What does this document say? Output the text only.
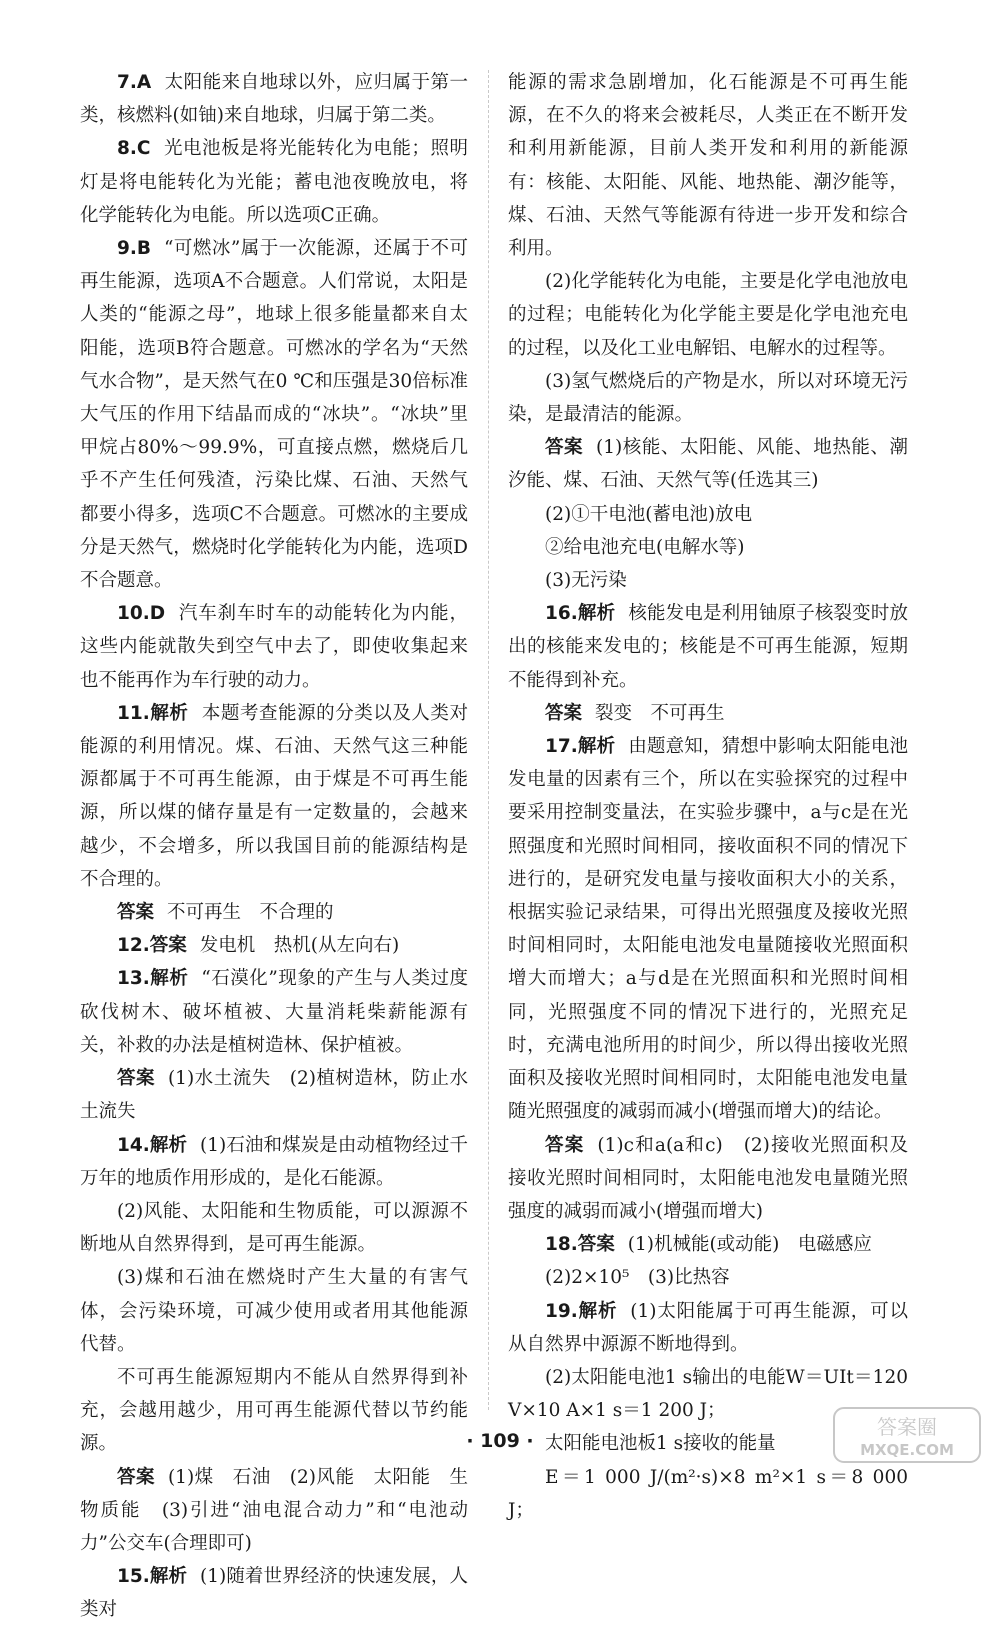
7.A 太阳能来自地球以外，应归属于第一类，核燃料(如铀)来自地球，归属于第二类。

8.C 光电池板是将光能转化为电能；照明灯是将电能转化为光能；蓄电池夜晚放电，将化学能转化为电能。所以选项C正确。

9.B “可燃冰”属于一次能源，还属于不可再生能源，选项A不合题意。人们常说，太阳是人类的“能源之母”，地球上很多能量都来自太阳能，选项B符合题意。可燃冰的学名为“天然气水合物”，是天然气在0 ℃和压强是30倍标准大气压的作用下结晶而成的“冰块”。“冰块”里甲烷占80%～99.9%，可直接点燃，燃烧后几乎不产生任何残渣，污染比煤、石油、天然气都要小得多，选项C不合题意。可燃冰的主要成分是天然气，燃烧时化学能转化为内能，选项D不合题意。

10.D 汽车刹车时车的动能转化为内能，这些内能就散失到空气中去了，即使收集起来也不能再作为车行驶的动力。

11.解析 本题考查能源的分类以及人类对能源的利用情况。煤、石油、天然气这三种能源都属于不可再生能源，由于煤是不可再生能源，所以煤的储存量是有一定数量的，会越来越少，不会增多，所以我国目前的能源结构是不合理的。

答案 不可再生　不合理的

12.答案 发电机　热机(从左向右)

13.解析 “石漠化”现象的产生与人类过度砍伐树木、破坏植被、大量消耗柴薪能源有关，补救的办法是植树造林、保护植被。

答案 (1)水土流失　(2)植树造林，防止水土流失

14.解析 (1)石油和煤炭是由动植物经过千万年的地质作用形成的，是化石能源。

(2)风能、太阳能和生物质能，可以源源不断地从自然界得到，是可再生能源。

(3)煤和石油在燃烧时产生大量的有害气体，会污染环境，可减少使用或者用其他能源代替。

不可再生能源短期内不能从自然界得到补充，会越用越少，用可再生能源代替以节约能源。

答案 (1)煤　石油　(2)风能　太阳能　生物质能　(3)引进“油电混合动力”和“电池动力”公交车(合理即可)

15.解析 (1)随着世界经济的快速发展，人类对

能源的需求急剧增加，化石能源是不可再生能源，在不久的将来会被耗尽，人类正在不断开发和利用新能源，目前人类开发和利用的新能源有：核能、太阳能、风能、地热能、潮汐能等，煤、石油、天然气等能源有待进一步开发和综合利用。

(2)化学能转化为电能，主要是化学电池放电的过程；电能转化为化学能主要是化学电池充电的过程，以及化工业电解铝、电解水的过程等。

(3)氢气燃烧后的产物是水，所以对环境无污染，是最清洁的能源。

答案 (1)核能、太阳能、风能、地热能、潮汐能、煤、石油、天然气等(任选其三)

(2)①干电池(蓄电池)放电

②给电池充电(电解水等)

(3)无污染

16.解析 核能发电是利用铀原子核裂变时放出的核能来发电的；核能是不可再生能源，短期不能得到补充。

答案 裂变　不可再生

17.解析 由题意知，猜想中影响太阳能电池发电量的因素有三个，所以在实验探究的过程中要采用控制变量法，在实验步骤中，a与c是在光照强度和光照时间相同，接收面积不同的情况下进行的，是研究发电量与接收面积大小的关系，根据实验记录结果，可得出光照强度及接收光照时间相同时，太阳能电池发电量随接收光照面积增大而增大；a与d是在光照面积和光照时间相同，光照强度不同的情况下进行的，光照充足时，充满电池所用的时间少，所以得出接收光照面积及接收光照时间相同时，太阳能电池发电量随光照强度的减弱而减小(增强而增大)的结论。

答案 (1)c和a(a和c)　(2)接收光照面积及接收光照时间相同时，太阳能电池发电量随光照强度的减弱而减小(增强而增大)

18.答案 (1)机械能(或动能)　电磁感应

(2)2×10⁵　(3)比热容

19.解析 (1)太阳能属于可再生能源，可以从自然界中源源不断地得到。

(2)太阳能电池1 s输出的电能W＝UIt＝120 V×10 A×1 s＝1 200 J；

太阳能电池板1 s接收的能量

E＝1 000 J/(m²·s)×8 m²×1 s＝8 000 J；

· 109 ·
答案圈
MXQE.COM
